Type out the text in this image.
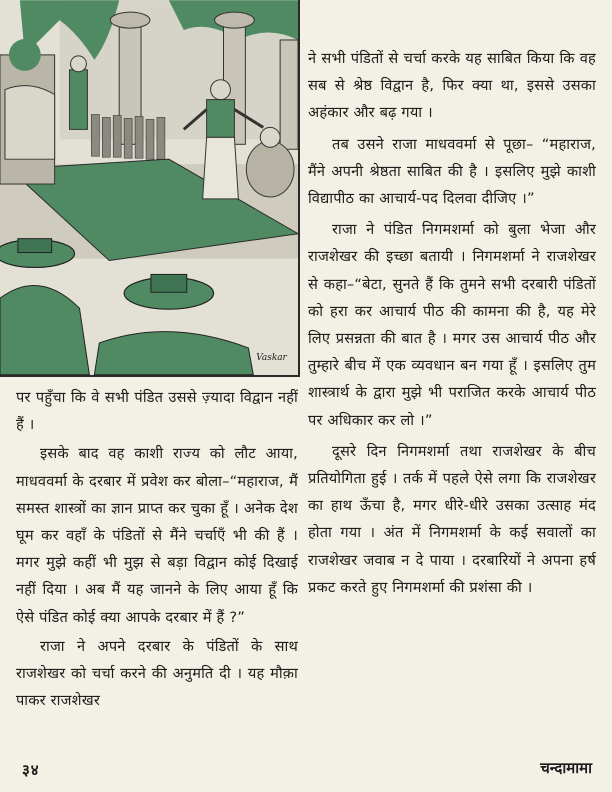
Vaskar

ने सभी पंडितों से चर्चा करके यह साबित किया कि वह सब से श्रेष्ठ विद्वान है, फिर क्या था, इससे उसका अहंकार और बढ़ गया ।

तब उसने राजा माधववर्मा से पूछा– “महाराज, मैंने अपनी श्रेष्ठता साबित की है । इसलिए मुझे काशी विद्यापीठ का आचार्य-पद दिलवा दीजिए ।”

राजा ने पंडित निगमशर्मा को बुला भेजा और राजशेखर की इच्छा बतायी । निगमशर्मा ने राजशेखर से कहा–“बेटा, सुनते हैं कि तुमने सभी दरबारी पंडितों को हरा कर आचार्य पीठ की कामना की है, यह मेरे लिए प्रसन्नता की बात है । मगर उस आचार्य पीठ और तुम्हारे बीच में एक व्यवधान बन गया हूँ । इसलिए तुम शास्त्रार्थ के द्वारा मुझे भी पराजित करके आचार्य पीठ पर अधिकार कर लो ।”

दूसरे दिन निगमशर्मा तथा राजशेखर के बीच प्रतियोगिता हुई । तर्क में पहले ऐसे लगा कि राजशेखर का हाथ ऊँचा है, मगर धीरे-धीरे उसका उत्साह मंद होता गया । अंत में निगमशर्मा के कई सवालों का राजशेखर जवाब न दे पाया । दरबारियों ने अपना हर्ष प्रकट करते हुए निगमशर्मा की प्रशंसा की ।

पर पहुँचा कि वे सभी पंडित उससे ज़्यादा विद्वान नहीं हैं ।

इसके बाद वह काशी राज्य को लौट आया, माधववर्मा के दरबार में प्रवेश कर बोला–“महाराज, मैं समस्त शास्त्रों का ज्ञान प्राप्त कर चुका हूँ । अनेक देश घूम कर वहाँ के पंडितों से मैंने चर्चाएँ भी की हैं । मगर मुझे कहीं भी मुझ से बड़ा विद्वान कोई दिखाई नहीं दिया । अब मैं यह जानने के लिए आया हूँ कि ऐसे पंडित कोई क्या आपके दरबार में हैं ?”

राजा ने अपने दरबार के पंडितों के साथ राजशेखर को चर्चा करने की अनुमति दी । यह मौक़ा पाकर राजशेखर

३४	चन्दामामा
